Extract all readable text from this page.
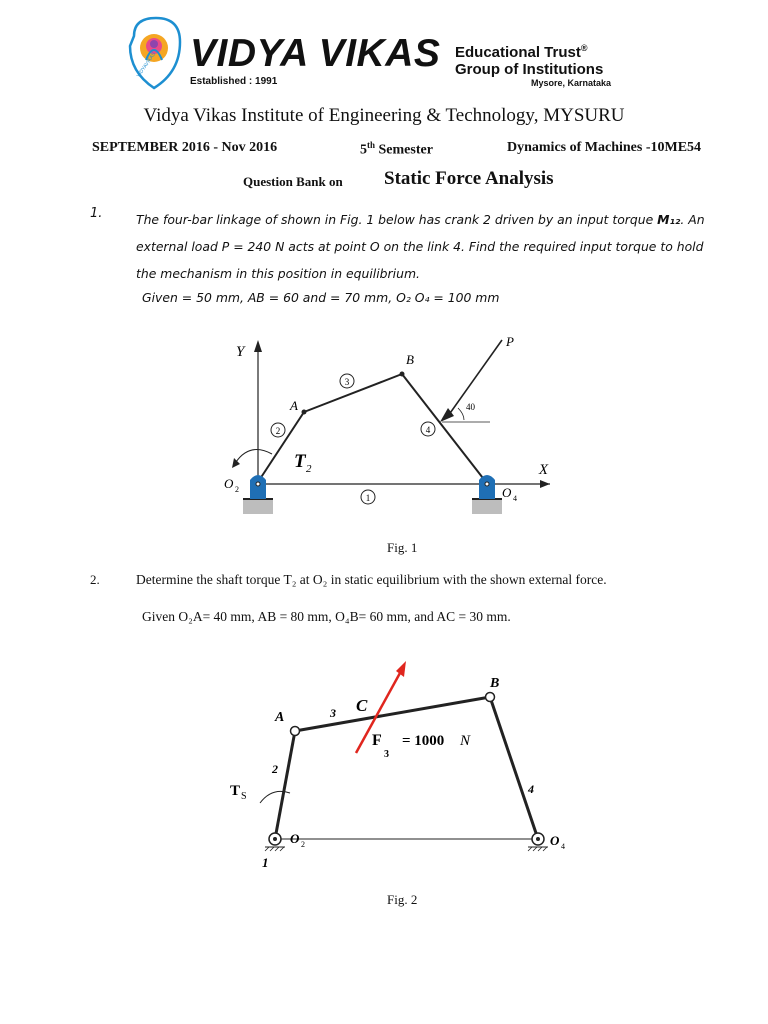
VIDYAVIKAS VIDYA VIKAS Educational Trust®
Group of Institutions
Established : 1991	Mysore, Karnataka
Vidya Vikas Institute of Engineering & Technology, MYSURU
SEPTEMBER 2016 - Nov 2016	5th Semester	Dynamics of Machines -10ME54
Question Bank on Static Force Analysis
1.	The four-bar linkage of shown in Fig. 1 below has crank 2 driven by an input torque M₁₂. An external load P = 240 N acts at point O on the link 4. Find the required input torque to hold the mechanism in this position in equilibrium.
Given = 50 mm, AB = 60 and = 70 mm, O₂ O₄ = 100 mm
Y
X
A
B
P
40
T 2
O 2	O 4
2
3
4
1
Fig. 1
2.	Determine the shaft torque T₂ at O₂ in static equilibrium with the shown external force.
Given O₂A= 40 mm, AB = 80 mm, O₄B= 60 mm, and AC = 30 mm.
A
B
C
3
2
4
1
T S
F
3
= 1000 N
O 2	O 4
Fig. 2
